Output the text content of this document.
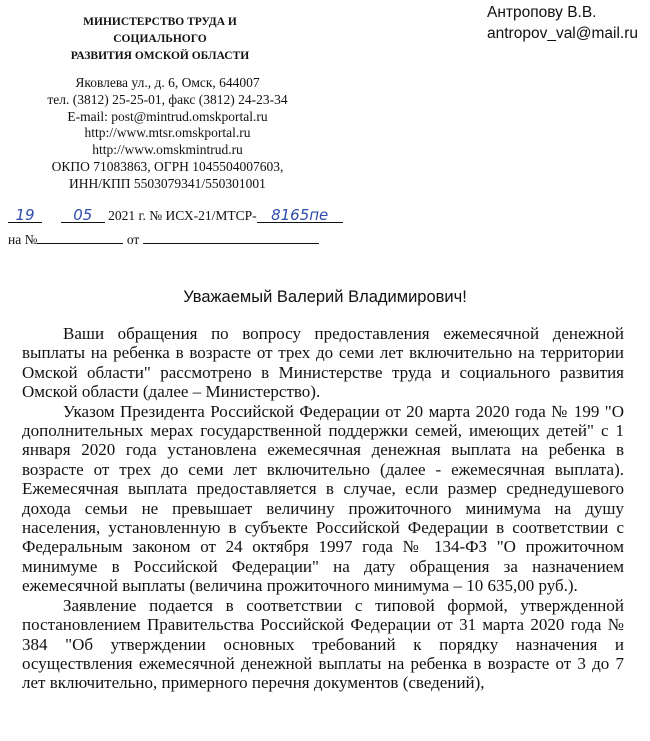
МИНИСТЕРСТВО ТРУДА И СОЦИАЛЬНОГО
РАЗВИТИЯ ОМСКОЙ ОБЛАСТИ
Антропову В.В.
antropov_val@mail.ru
Яковлева ул., д. 6, Омск, 644007
тел. (3812) 25-25-01, факс (3812) 24-23-34
E-mail: post@mintrud.omskportal.ru
http://www.mtsr.omskportal.ru
http://www.omskmintrud.ru
ОКПО 71083863, ОГРН 1045504007603,
ИНН/КПП 5503079341/550301001
19	05 2021 г. № ИСХ-21/МТСР- 8165пе
на №	от
Уважаемый Валерий Владимирович!

Ваши обращения по вопросу предоставления ежемесячной денежной выплаты на ребенка в возрасте от трех до семи лет включительно на территории Омской области" рассмотрено в Министерстве труда и социального развития Омской области (далее – Министерство).

Указом Президента Российской Федерации от 20 марта 2020 года № 199 "О дополнительных мерах государственной поддержки семей, имеющих детей" с 1 января 2020 года установлена ежемесячная денежная выплата на ребенка в возрасте от трех до семи лет включительно (далее - ежемесячная выплата). Ежемесячная выплата предоставляется в случае, если размер среднедушевого дохода семьи не превышает величину прожиточного минимума на душу населения, установленную в субъекте Российской Федерации в соответствии с Федеральным законом от 24 октября 1997 года № 134-ФЗ "О прожиточном минимуме в Российской Федерации" на дату обращения за назначением ежемесячной выплаты (величина прожиточного минимума – 10 635,00 руб.).

Заявление подается в соответствии с типовой формой, утвержденной постановлением Правительства Российской Федерации от 31 марта 2020 года № 384 "Об утверждении основных требований к порядку назначения и осуществления ежемесячной денежной выплаты на ребенка в возрасте от 3 до 7 лет включительно, примерного перечня документов (сведений),
